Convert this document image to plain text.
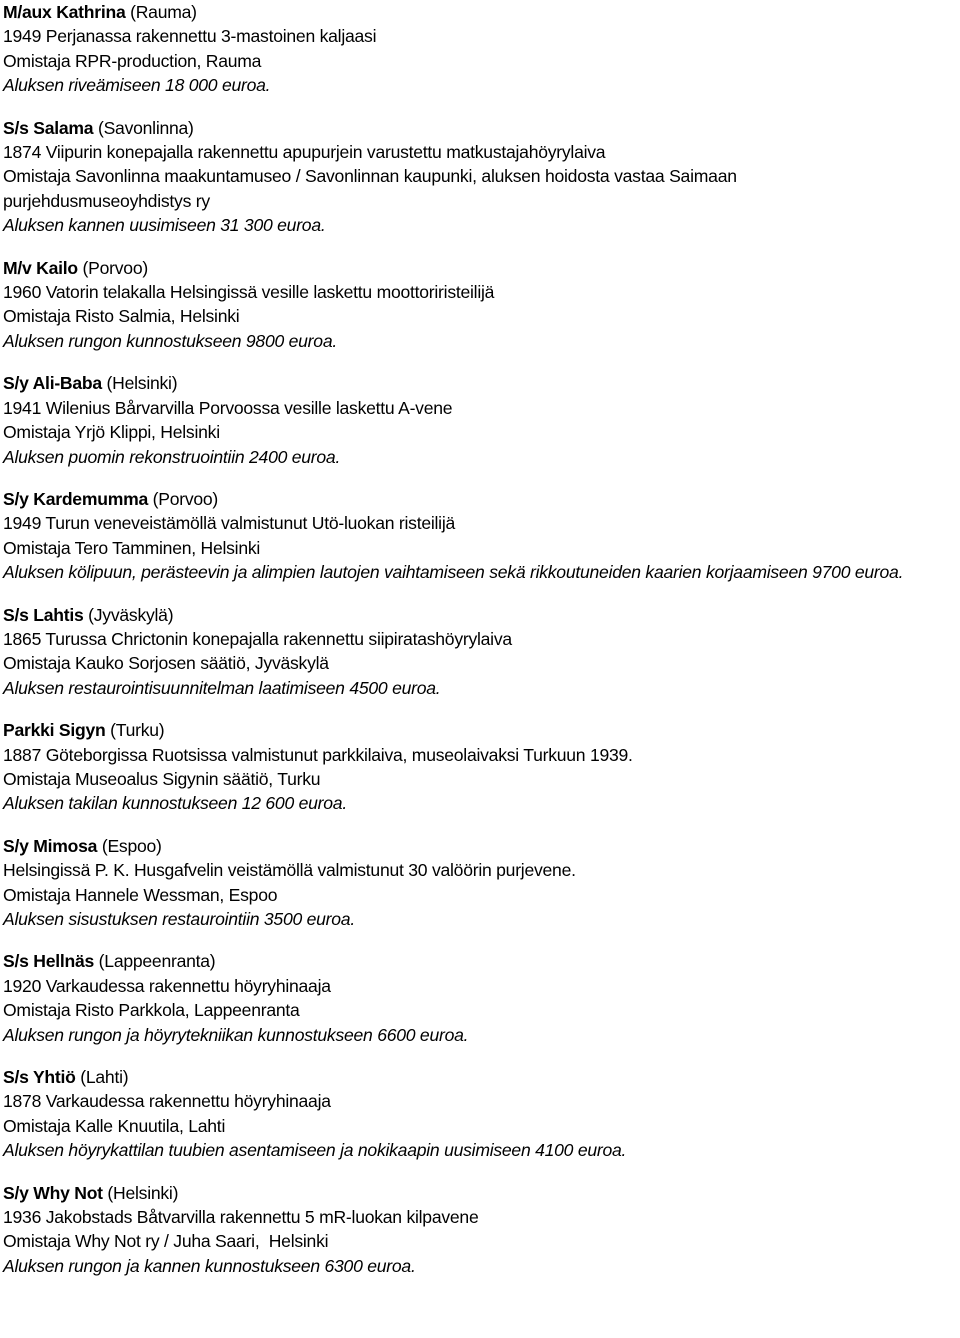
M/aux Kathrina (Rauma)
1949 Perjanassa rakennettu 3-mastoinen kaljaasi
Omistaja RPR-production, Rauma
Aluksen riveämiseen 18 000 euroa.
S/s Salama (Savonlinna)
1874 Viipurin konepajalla rakennettu apupurjein varustettu matkustajahöyrylaiva
Omistaja Savonlinna maakuntamuseo / Savonlinnan kaupunki, aluksen hoidosta vastaa Saimaan purjehdusmuseoyhdistys ry
Aluksen kannen uusimiseen 31 300 euroa.
M/v Kailo (Porvoo)
1960 Vatorin telakalla Helsingissä vesille laskettu moottoriristeilijä
Omistaja Risto Salmia, Helsinki
Aluksen rungon kunnostukseen 9800 euroa.
S/y Ali-Baba (Helsinki)
1941 Wilenius Bårvarvilla Porvoossa vesille laskettu A-vene
Omistaja Yrjö Klippi, Helsinki
Aluksen puomin rekonstruointiin 2400 euroa.
S/y Kardemumma (Porvoo)
1949 Turun veneveistämöllä valmistunut Utö-luokan risteilijä
Omistaja Tero Tamminen, Helsinki
Aluksen kölipuun, perästeevin ja alimpien lautojen vaihtamiseen sekä rikkoutuneiden kaarien korjaamiseen 9700 euroa.
S/s Lahtis (Jyväskylä)
1865 Turussa Chrictonin konepajalla rakennettu siipiratashöyrylaiva
Omistaja Kauko Sorjosen säätiö, Jyväskylä
Aluksen restaurointisuunnitelman laatimiseen 4500 euroa.
Parkki Sigyn (Turku)
1887 Göteborgissa Ruotsissa valmistunut parkkilaiva, museolaivaksi Turkuun 1939.
Omistaja Museoalus Sigynin säätiö, Turku
Aluksen takilan kunnostukseen 12 600 euroa.
S/y Mimosa (Espoo)
Helsingissä P. K. Husgafvelin veistämöllä valmistunut 30 valöörin purjevene.
Omistaja Hannele Wessman, Espoo
Aluksen sisustuksen restaurointiin 3500 euroa.
S/s Hellnäs (Lappeenranta)
1920 Varkaudessa rakennettu höyryhinaaja
Omistaja Risto Parkkola, Lappeenranta
Aluksen rungon ja höyrytekniikan kunnostukseen 6600 euroa.
S/s Yhtiö (Lahti)
1878 Varkaudessa rakennettu höyryhinaaja
Omistaja Kalle Knuutila, Lahti
Aluksen höyrykattilan tuubien asentamiseen ja nokikaapin uusimiseen 4100 euroa.
S/y Why Not (Helsinki)
1936 Jakobstads Båtvarvilla rakennettu 5 mR-luokan kilpavene
Omistaja Why Not ry / Juha Saari,  Helsinki
Aluksen rungon ja kannen kunnostukseen 6300 euroa.
